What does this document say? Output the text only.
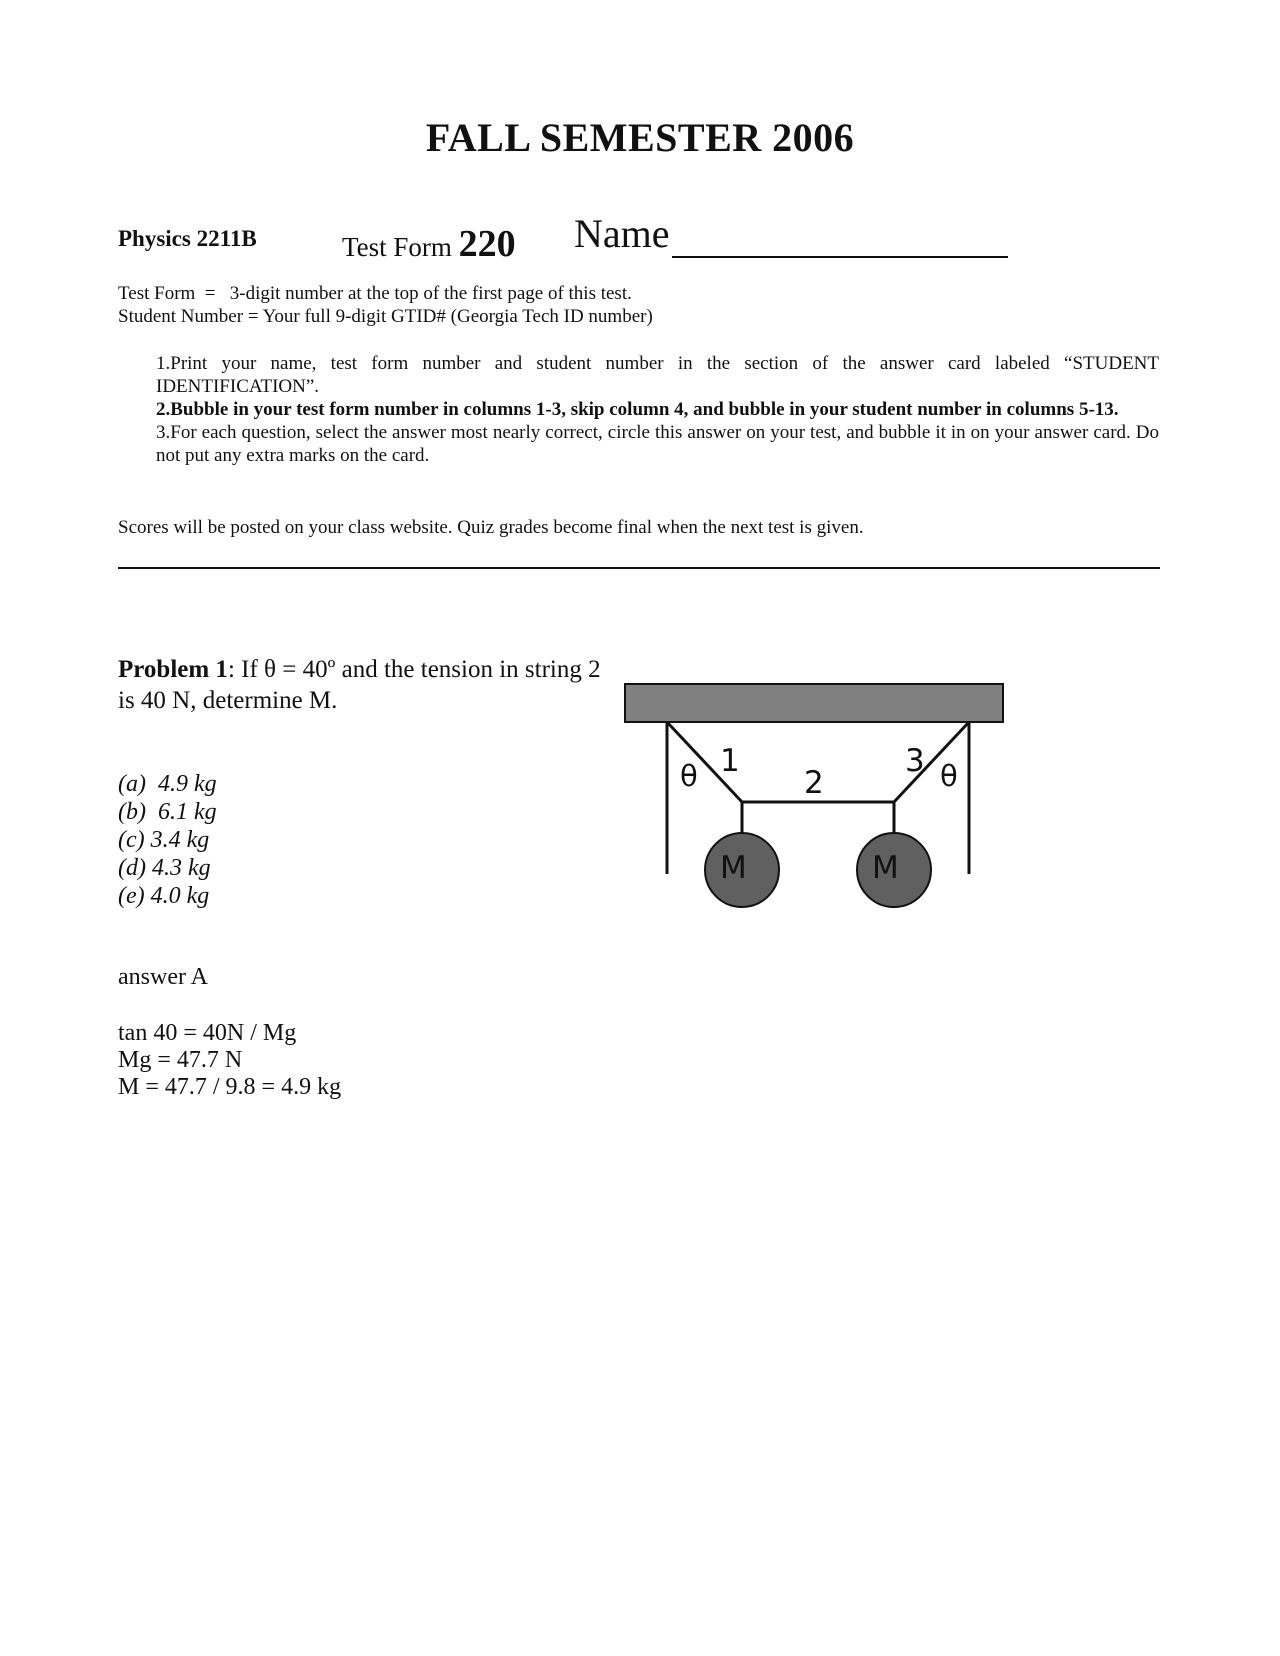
FALL SEMESTER 2006
Physics 2211B	Test Form 220 Name
Test Form  =   3-digit number at the top of the first page of this test.
Student Number = Your full 9-digit GTID# (Georgia Tech ID number)

1.Print your name, test form number and student number in the section of the answer card labeled “STUDENT IDENTIFICATION”.

2.Bubble in your test form number in columns 1-3, skip column 4, and bubble in your student number in columns 5-13.

3.For each question, select the answer most nearly correct, circle this answer on your test, and bubble it in on your answer card. Do not put any extra marks on the card.

Scores will be posted on your class website. Quiz grades become final when the next test is given.
Problem 1: If θ = 40º and the tension in string 2 is 40 N, determine M.
(a)  4.9 kg
(b)  6.1 kg
(c) 3.4 kg
(d) 4.3 kg
(e) 4.0 kg
M	M
1
2
3
θ	θ
answer A
tan 40 = 40N / Mg
Mg = 47.7 N
M = 47.7 / 9.8 = 4.9 kg
